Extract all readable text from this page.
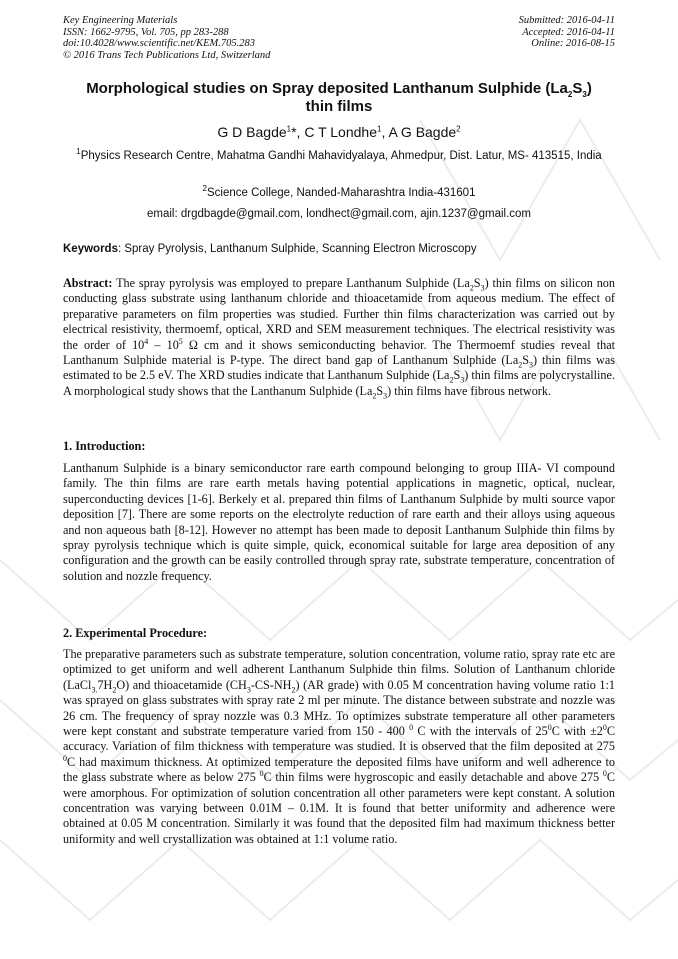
Key Engineering Materials
ISSN: 1662-9795, Vol. 705, pp 283-288
doi:10.4028/www.scientific.net/KEM.705.283
© 2016 Trans Tech Publications Ltd, Switzerland
Submitted: 2016-04-11
Accepted: 2016-04-11
Online: 2016-08-15
Morphological studies on Spray deposited Lanthanum Sulphide $(La_2S_3)$
thin films
G D Bagde$^1$*, C T Londhe$^1$, A G Bagde$^2$
$^1$Physics Research Centre, Mahatma Gandhi Mahavidyalaya, Ahmedpur, Dist. Latur, MS- 413515, India
$^2$Science College, Nanded-Maharashtra India-431601
email: drgdbagde@gmail.com, londhect@gmail.com, ajin.1237@gmail.com
Keywords: Spray Pyrolysis, Lanthanum Sulphide, Scanning Electron Microscopy
Abstract: The spray pyrolysis was employed to prepare Lanthanum Sulphide $(La_2S_3)$ thin films on silicon non conducting glass substrate using lanthanum chloride and thioacetamide from aqueous medium. The effect of preparative parameters on film properties was studied. Further thin films characterization was carried out by electrical resistivity, thermoemf, optical, XRD and SEM measurement techniques. The electrical resistivity was the order of $10^4 - 10^5$ Ω cm and it shows semiconducting behavior. The Thermoemf studies reveal that Lanthanum Sulphide material is P-type. The direct band gap of Lanthanum Sulphide $(La_2S_3)$ thin films was estimated to be 2.5 eV. The XRD studies indicate that Lanthanum Sulphide $(La_2S_3)$ thin films are polycrystalline. A morphological study shows that the Lanthanum Sulphide $(La_2S_3)$ thin films have fibrous network.
1. Introduction:
Lanthanum Sulphide is a binary semiconductor rare earth compound belonging to group IIIA- VI compound family. The thin films are rare earth metals having potential applications in magnetic, optical, nuclear, superconducting devices [1-6]. Berkely et al. prepared thin films of Lanthanum Sulphide by multi source vapor deposition [7]. There are some reports on the electrolyte reduction of rare earth and their alloys using aqueous and non aqueous bath [8-12]. However no attempt has been made to deposit Lanthanum Sulphide thin films by spray pyrolysis technique which is quite simple, quick, economical suitable for large area deposition of any configuration and the growth can be easily controlled through spray rate, substrate temperature, concentration of solution and nozzle frequency.
2. Experimental Procedure:
The preparative parameters such as substrate temperature, solution concentration, volume ratio, spray rate etc are optimized to get uniform and well adherent Lanthanum Sulphide thin films. Solution of Lanthanum chloride $(LaCl_{3.}7H_2O)$ and thioacetamide $(CH_3-CS-NH_2)$ (AR grade) with 0.05 M concentration having volume ratio 1:1 was sprayed on glass substrates with spray rate 2 ml per minute. The distance between substrate and nozzle was 26 cm. The frequency of spray nozzle was 0.3 MHz. To optimizes substrate temperature all other parameters were kept constant and substrate temperature varied from 150 - 400 $^0$ C with the intervals of $25^0C$ with $\pm 2^0C$ accuracy. Variation of film thickness with temperature was studied. It is observed that the film deposited at 275 $^0$C had maximum thickness. At optimized temperature the deposited films have uniform and well adherence to the glass substrate where as below 275 $^0$C thin films were hygroscopic and easily detachable and above 275 $^0$C were amorphous. For optimization of solution concentration all other parameters were kept constant. A solution concentration was varying between 0.01M – 0.1M. It is found that better uniformity and adherence were obtained at 0.05 M concentration. Similarly it was found that the deposited film had maximum thickness better uniformity and well crystallization was obtained at 1:1 volume ratio.
